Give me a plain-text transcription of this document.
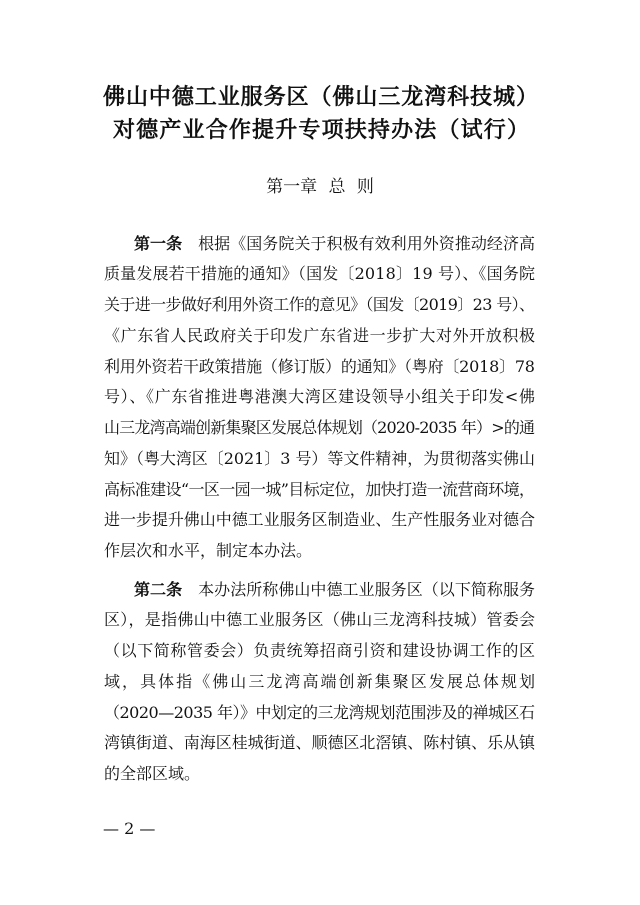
佛山中德工业服务区（佛山三龙湾科技城）
对德产业合作提升专项扶持办法（试行）
第一章 总 则
第一条 根据《国务院关于积极有效利用外资推动经济高
质量发展若干措施的通知》（国发〔2018〕19 号）、《国务院
关于进一步做好利用外资工作的意见》（国发〔2019〕23 号）、
《广东省人民政府关于印发广东省进一步扩大对外开放积极
利用外资若干政策措施（修订版）的通知》（粤府〔2018〕78
号）、《广东省推进粤港澳大湾区建设领导小组关于印发<佛
山三龙湾高端创新集聚区发展总体规划（2020-2035 年）>的通
知》（粤大湾区〔2021〕3 号）等文件精神，为贯彻落实佛山
高标准建设“一区一园一城”目标定位，加快打造一流营商环境，
进一步提升佛山中德工业服务区制造业、生产性服务业对德合
作层次和水平，制定本办法。
第二条 本办法所称佛山中德工业服务区（以下简称服务
区），是指佛山中德工业服务区（佛山三龙湾科技城）管委会
（以下简称管委会）负责统筹招商引资和建设协调工作的区
域，具体指《佛山三龙湾高端创新集聚区发展总体规划
（2020—2035 年）》中划定的三龙湾规划范围涉及的禅城区石
湾镇街道、南海区桂城街道、顺德区北滘镇、陈村镇、乐从镇
的全部区域。
— 2 —
